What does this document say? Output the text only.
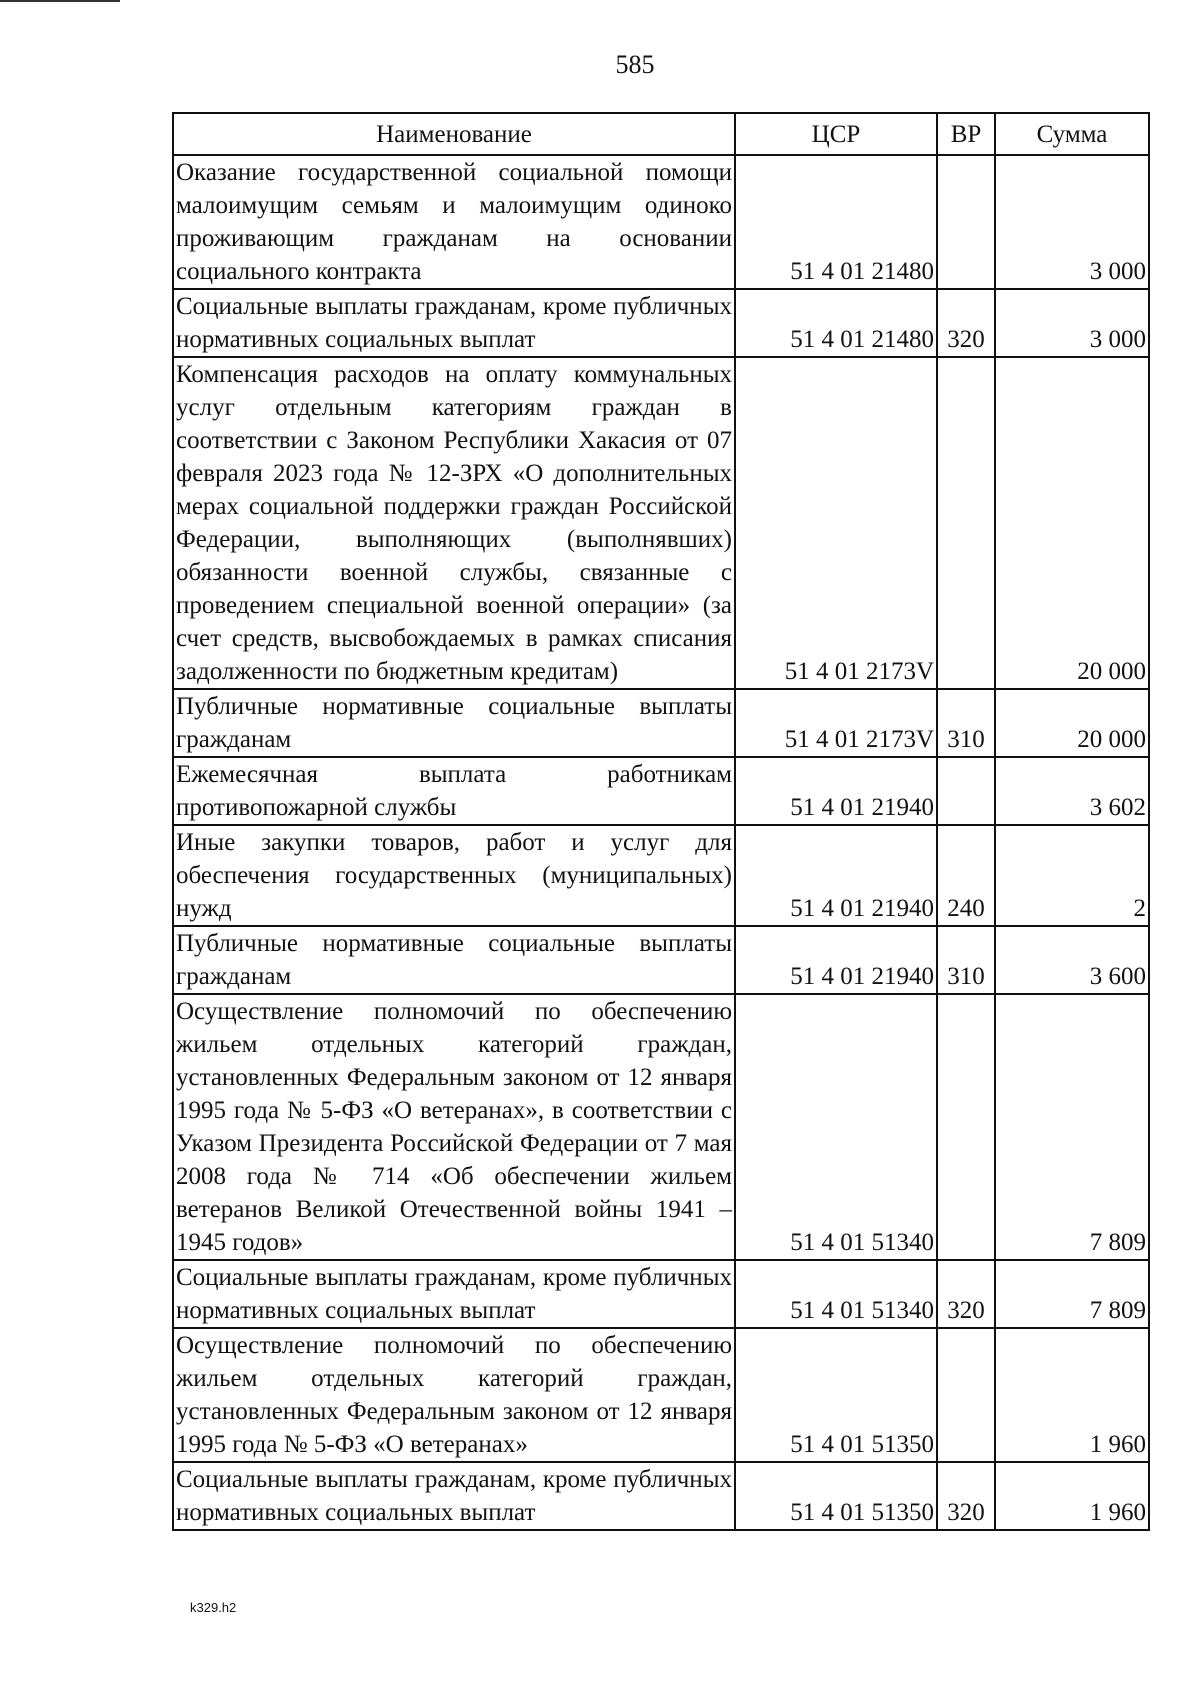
585
Наименование	ЦСР	ВР	Сумма
Оказание государственной социальной помощи малоимущим семьям и малоимущим одиноко проживающим гражданам на основании социального контракта	51 4 01 21480		3 000
Социальные выплаты гражданам, кроме публичных нормативных социальных выплат	51 4 01 21480	320	3 000
Компенсация расходов на оплату коммунальных услуг отдельным категориям граждан в соответствии с Законом Республики Хакасия от 07 февраля 2023 года № 12-ЗРХ «О дополнительных мерах социальной поддержки граждан Российской Федерации, выполняющих (выполнявших) обязанности военной службы, связанные с проведением специальной военной операции» (за счет средств, высвобождаемых в рамках списания задолженности по бюджетным кредитам)	51 4 01 2173V		20 000
Публичные нормативные социальные выплаты гражданам	51 4 01 2173V	310	20 000
Ежемесячная выплата работникам противопожарной службы	51 4 01 21940		3 602
Иные закупки товаров, работ и услуг для обеспечения государственных (муниципальных) нужд	51 4 01 21940	240	2
Публичные нормативные социальные выплаты гражданам	51 4 01 21940	310	3 600
Осуществление полномочий по обеспечению жильем отдельных категорий граждан, установленных Федеральным законом от 12 января 1995 года № 5-ФЗ «О ветеранах», в соответствии с Указом Президента Российской Федерации от 7 мая 2008 года № 714 «Об обеспечении жильем ветеранов Великой Отечественной войны 1941 – 1945 годов»	51 4 01 51340		7 809
Социальные выплаты гражданам, кроме публичных нормативных социальных выплат	51 4 01 51340	320	7 809
Осуществление полномочий по обеспечению жильем отдельных категорий граждан, установленных Федеральным законом от 12 января 1995 года № 5-ФЗ «О ветеранах»	51 4 01 51350		1 960
Социальные выплаты гражданам, кроме публичных нормативных социальных выплат	51 4 01 51350	320	1 960
k329.h2
